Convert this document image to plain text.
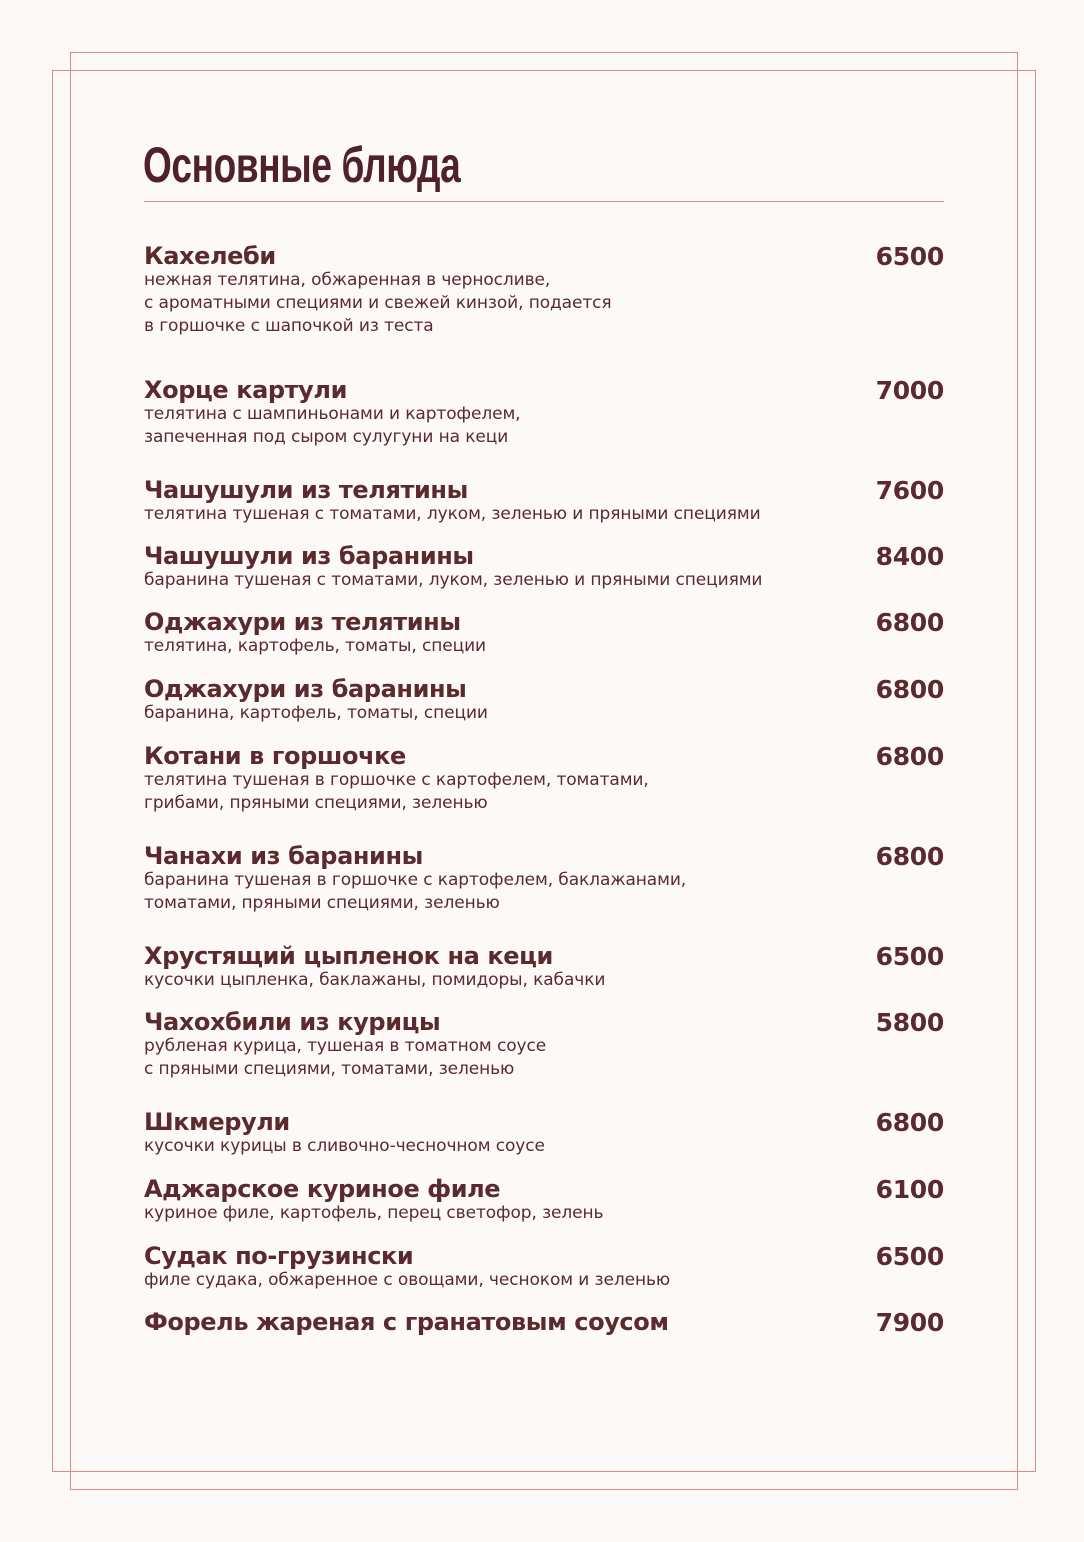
Основные блюда
Кахелеби
нежная телятина, обжаренная в черносливе,
с ароматными специями и свежей кинзой, подается
в горшочке с шапочкой из теста
6500
Хорце картули
телятина с шампиньонами и картофелем,
запеченная под сыром сулугуни на кеци
7000
Чашушули из телятины
телятина тушеная с томатами, луком, зеленью и пряными специями
7600
Чашушули из баранины
баранина тушеная с томатами, луком, зеленью и пряными специями
8400
Оджахури из телятины
телятина, картофель, томаты, специи
6800
Оджахури из баранины
баранина, картофель, томаты, специи
6800
Котани в горшочке
телятина тушеная в горшочке с картофелем, томатами,
грибами, пряными специями, зеленью
6800
Чанахи из баранины
баранина тушеная в горшочке с картофелем, баклажанами,
томатами, пряными специями, зеленью
6800
Хрустящий цыпленок на кеци
кусочки цыпленка, баклажаны, помидоры, кабачки
6500
Чахохбили из курицы
рубленая курица, тушеная в томатном соусе
с пряными специями, томатами, зеленью
5800
Шкмерули
кусочки курицы в сливочно-чесночном соусе
6800
Аджарское куриное филе
куриное филе, картофель, перец светофор, зелень
6100
Судак по-грузински
филе судака, обжаренное с овощами, чесноком и зеленью
6500
Форель жареная с гранатовым соусом	7900
